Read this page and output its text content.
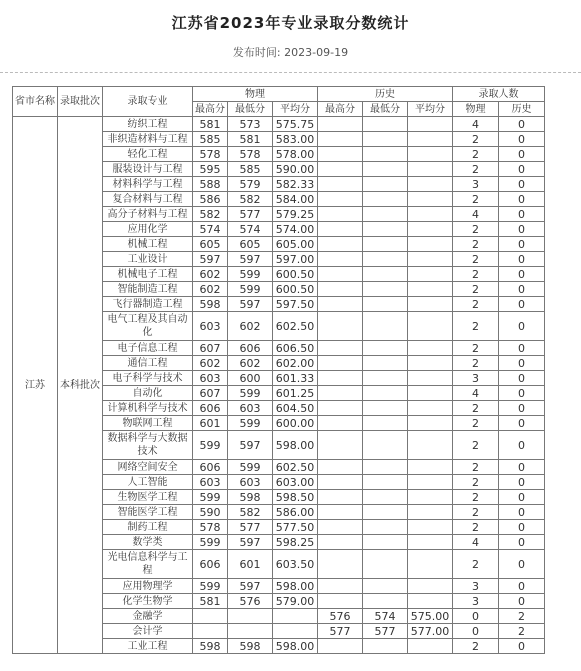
江苏省2023年专业录取分数统计
发布时间: 2023-09-19
省市名称	录取批次	录取专业	物理			历史			录取人数	
			最高分	最低分	平均分	最高分	最低分	平均分	物理	历史
江苏	本科批次	纺织工程	581	573	575.75				4	0
		非织造材料与工程	585	581	583.00				2	0
		轻化工程	578	578	578.00				2	0
		服装设计与工程	595	585	590.00				2	0
		材料科学与工程	588	579	582.33				3	0
		复合材料与工程	586	582	584.00				2	0
		高分子材料与工程	582	577	579.25				4	0
		应用化学	574	574	574.00				2	0
		机械工程	605	605	605.00				2	0
		工业设计	597	597	597.00				2	0
		机械电子工程	602	599	600.50				2	0
		智能制造工程	602	599	600.50				2	0
		飞行器制造工程	598	597	597.50				2	0
		电气工程及其自动化	603	602	602.50				2	0
		电子信息工程	607	606	606.50				2	0
		通信工程	602	602	602.00				2	0
		电子科学与技术	603	600	601.33				3	0
		自动化	607	599	601.25				4	0
		计算机科学与技术	606	603	604.50				2	0
		物联网工程	601	599	600.00				2	0
		数据科学与大数据技术	599	597	598.00				2	0
		网络空间安全	606	599	602.50				2	0
		人工智能	603	603	603.00				2	0
		生物医学工程	599	598	598.50				2	0
		智能医学工程	590	582	586.00				2	0
		制药工程	578	577	577.50				2	0
		数学类	599	597	598.25				4	0
		光电信息科学与工程	606	601	603.50				2	0
		应用物理学	599	597	598.00				3	0
		化学生物学	581	576	579.00				3	0
		金融学				576	574	575.00	0	2
		会计学				577	577	577.00	0	2
		工业工程	598	598	598.00				2	0
